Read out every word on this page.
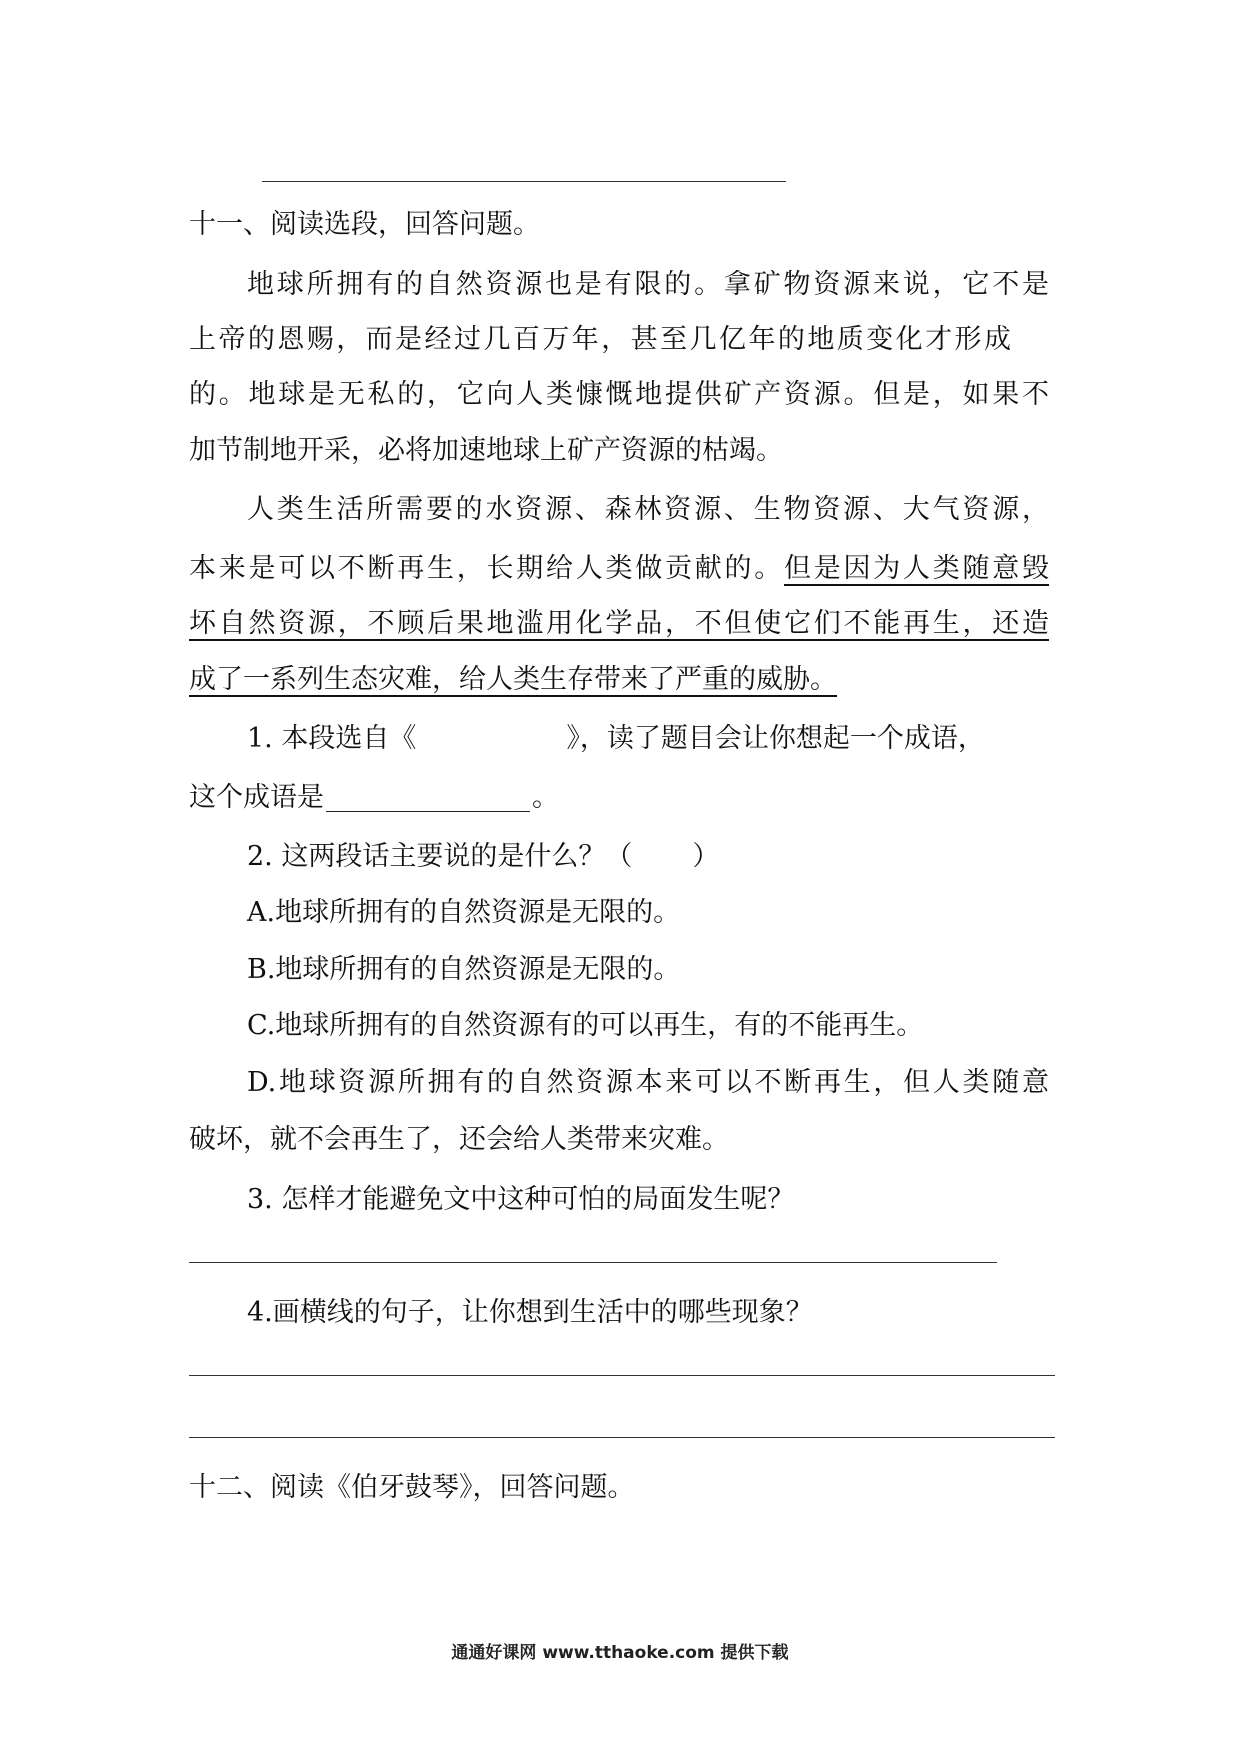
十一、阅读选段，回答问题。
地球所拥有的自然资源也是有限的。拿矿物资源来说，它不是
上帝的恩赐，而是经过几百万年，甚至几亿年的地质变化才形成
的。地球是无私的，它向人类慷慨地提供矿产资源。但是，如果不
加节制地开采，必将加速地球上矿产资源的枯竭。
人类生活所需要的水资源、森林资源、生物资源、大气资源，
本来是可以不断再生，长期给人类做贡献的。但是因为人类随意毁
坏自然资源，不顾后果地滥用化学品，不但使它们不能再生，还造
成了一系列生态灾难，给人类生存带来了严重的威胁。
1. 本段选自《	》，读了题目会让你想起一个成语，
这个成语是	。
2. 这两段话主要说的是什么？（ ）
A.地球所拥有的自然资源是无限的。
B.地球所拥有的自然资源是无限的。
C.地球所拥有的自然资源有的可以再生，有的不能再生。
D.地球资源所拥有的自然资源本来可以不断再生，但人类随意
破坏，就不会再生了，还会给人类带来灾难。
3. 怎样才能避免文中这种可怕的局面发生呢？
4.画横线的句子，让你想到生活中的哪些现象？
十二、阅读《伯牙鼓琴》，回答问题。
通通好课网 www.tthaoke.com 提供下载
